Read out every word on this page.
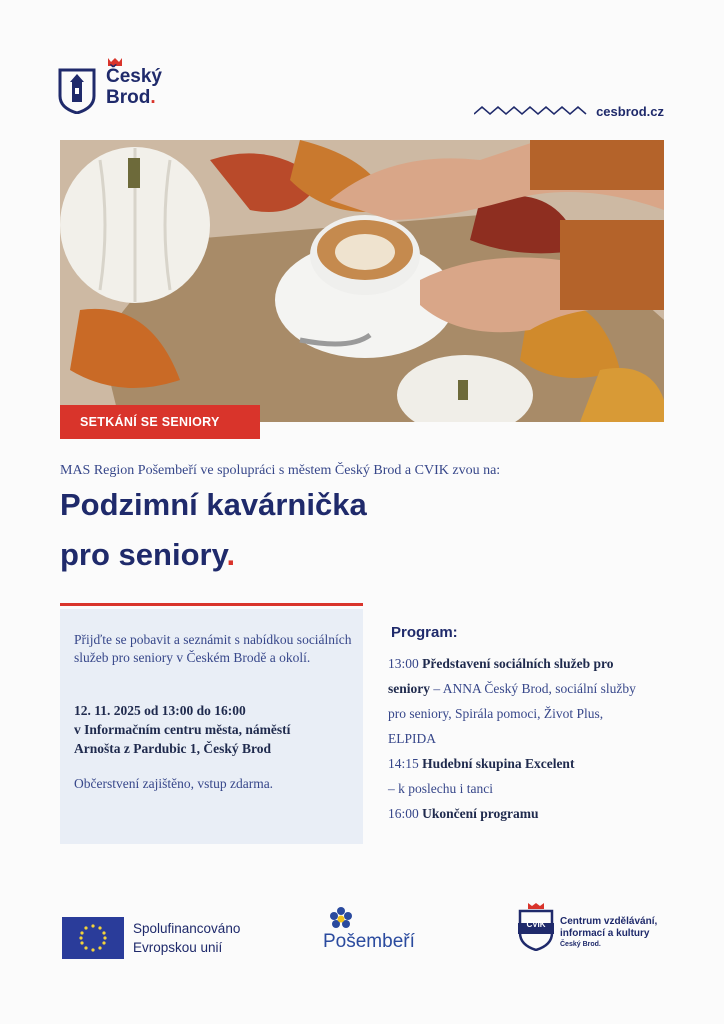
Český
Brod.
cesbrod.cz
SETKÁNÍ SE SENIORY
MAS Region Pošembeří ve spolupráci s městem Český Brod a CVIK zvou na:
Podzimní kavárnička
pro seniory.
Přijďte se pobavit a seznámit s nabídkou sociálních služeb pro seniory v Českém Brodě a okolí.
12. 11. 2025 od 13:00 do 16:00
v Informačním centru města, náměstí
Arnošta z Pardubic 1, Český Brod
Občerstvení zajištěno, vstup zdarma.
Program:
13:00 Představení sociálních služeb pro
seniory – ANNA Český Brod, sociální služby
pro seniory, Spirála pomoci, Život Plus,
ELPIDA
14:15 Hudební skupina Excelent
– k poslechu i tanci
16:00 Ukončení programu
Spolufinancováno
Evropskou unií	Pošembeří
CVIK	Centrum vzdělávání,
informací a kultury
Český Brod.
